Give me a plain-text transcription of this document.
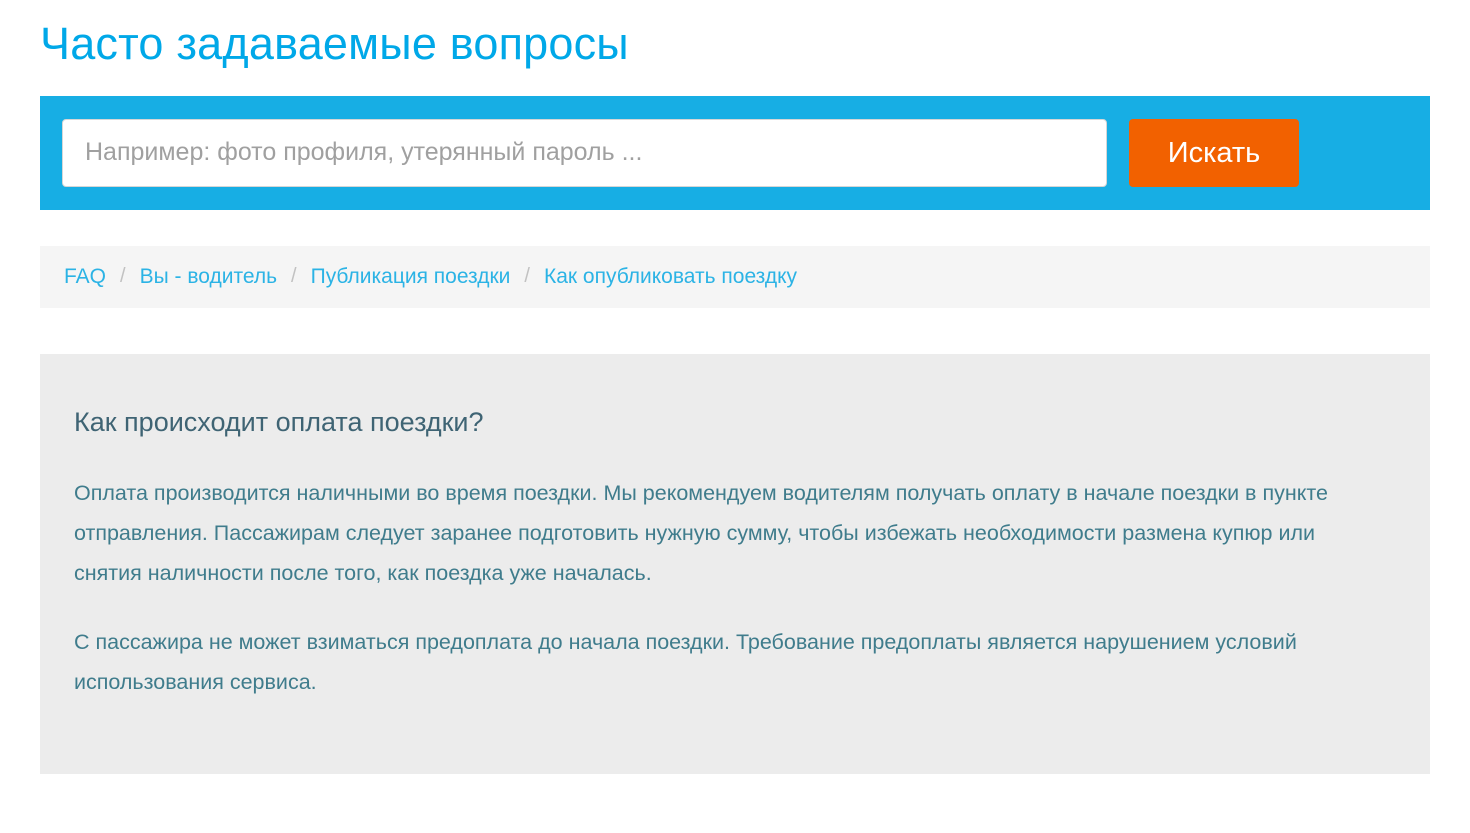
Часто задаваемые вопросы
Например: фото профиля, утерянный пароль ...
Искать
FAQ / Вы - водитель / Публикация поездки / Как опубликовать поездку
Как происходит оплата поездки?

Оплата производится наличными во время поездки. Мы рекомендуем водителям получать оплату в начале поездки в пункте отправления. Пассажирам следует заранее подготовить нужную сумму, чтобы избежать необходимости размена купюр или снятия наличности после того, как поездка уже началась.

С пассажира не может взиматься предоплата до начала поездки. Требование предоплаты является нарушением условий использования сервиса.
